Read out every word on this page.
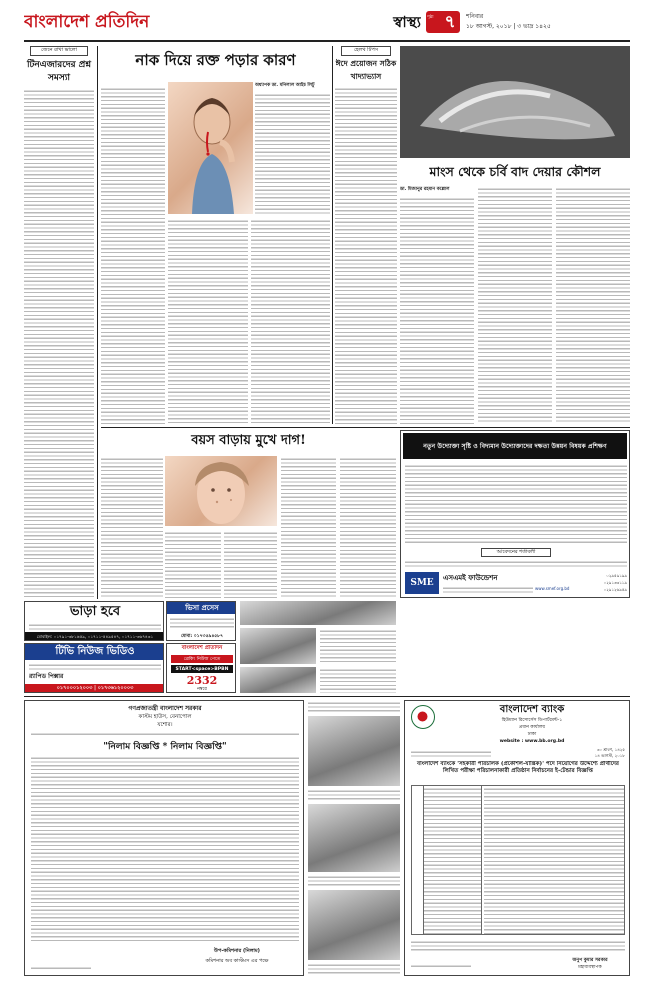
বাংলাদেশ প্রতিদিন	স্বাস্থ্য পৃষ্ঠা ৭	শনিবার
১৮ আগস্ট, ২০১৮ | ৩ ভাদ্র ১৪২৫
জেনে রাখা ভালো
টিনএজারদের প্রশ্ন সমস্যা
নাক দিয়ে রক্ত পড়ার কারণ
অধ্যাপক ডা. মনিলাল আইচ লিটু
হেলথ টিপস
ঈদে প্রয়োজন সঠিক খাদ্যাভ্যাস
মাংস থেকে চর্বি বাদ দেয়ার কৌশল
ডা. মিজানুর রহমান কল্লোল
বয়স বাড়ায় মুখে দাগ!	নতুন উদ্যোক্তা সৃষ্টি ও বিদ্যমান উদ্যোক্তাদের দক্ষতা উন্নয়ন বিষয়ক প্রশিক্ষণ
আবেদনের শর্তাবলী
SME
এসএমই ফাউন্ডেশন
www.smef.org.bd
০২৯৫৯১৯৯
০২৯১৩৩১১৯
০২৯১২৬৯৫৯
ভাড়া হবে
মোবাইল: ০১৭৯১-৩৮১৬৫৯, ০১৭১১-৫৪৯৫৪৭, ০১৭১১-৩৬৭৪৩১
ভিসা প্রসেস
মোবা: ০১৭৩৫৯৪৫৮৭
টিভি নিউজ ভিডিও
র‍্যাপিড পিক্সার
০১৭০০০১২০০৩ | ০১৭৩৬১২০০০৩
বাংলাদেশ প্রতিদিন
ব্রেকিং নিউজ পেতে
START<space>BPBN
2332
নম্বরে
গণপ্রজাতন্ত্রী বাংলাদেশ সরকার
কাস্টম হাউস, বেনাপোল
যশোর।
"নিলাম বিজ্ঞপ্তি * নিলাম বিজ্ঞপ্তি"
উপ-কমিশনার (নিলাম)
কমিশনার অব কাস্টমস এর পক্ষে
বাংলাদেশ ব্যাংক
হিউম্যান রিসোর্সেস ডিপার্টমেন্ট-১
প্রধান কার্যালয়
ঢাকা
website : www.bb.org.bd
৩০ শ্রাবণ, ১৪২৫
১৪ আগস্ট, ২০১৮
বাংলাদেশ ব্যাংকে 'সহকারী পরিচালক (প্রকৌশল-যান্ত্রিক)' পদে নিয়োগের উদ্দেশ্যে প্রার্থীদের লিখিত পরীক্ষা পরিচালনাকারী প্রতিষ্ঠান নির্বাচনের ই-টেন্ডার বিজ্ঞপ্তি
অনুপ কুমার সরকার
মহাব্যবস্থাপক
